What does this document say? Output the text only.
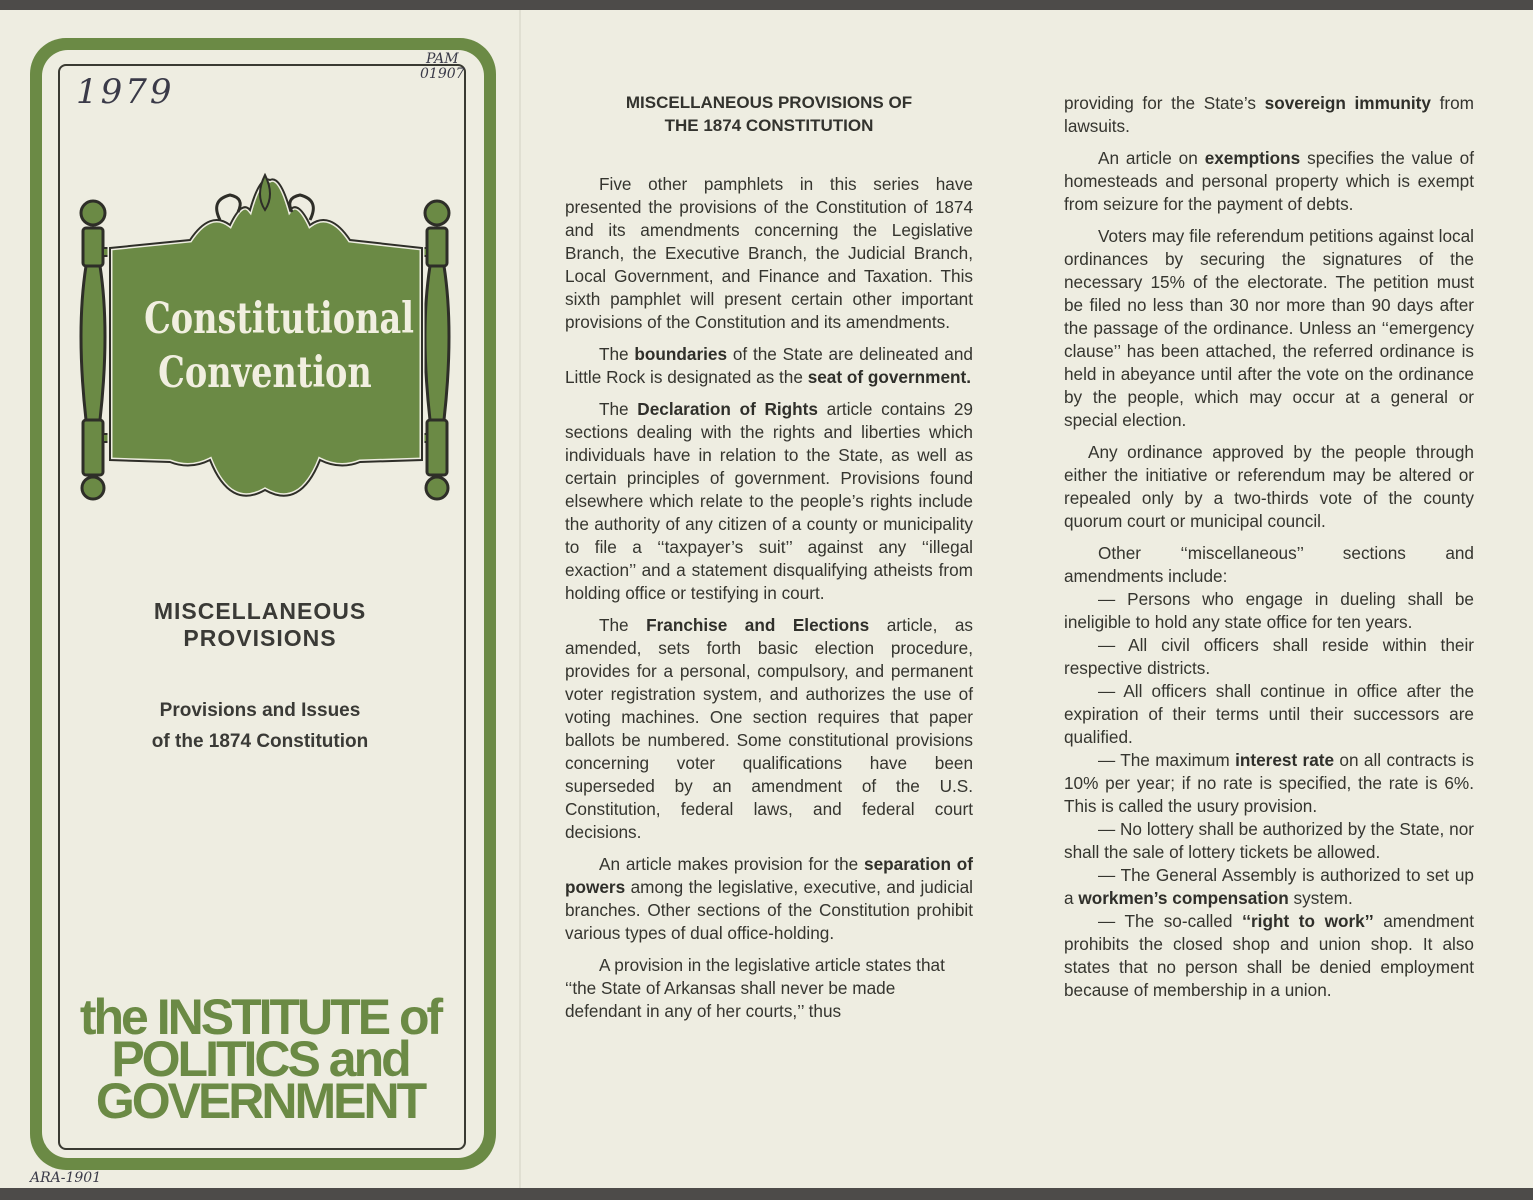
1979
PAM
01907
Constitutional
Convention
MISCELLANEOUS
PROVISIONS
Provisions and Issues
of the 1874 Constitution
the INSTITUTE of
POLITICS and
GOVERNMENT
ARA-1901
MISCELLANEOUS PROVISIONS OF
THE 1874 CONSTITUTION

Five other pamphlets in this series have presented the provisions of the Constitution of 1874 and its amendments concerning the Legislative Branch, the Executive Branch, the Judicial Branch, Local Government, and Finance and Taxation. This sixth pamphlet will present certain other important provisions of the Constitution and its amendments.

The boundaries of the State are delineated and Little Rock is designated as the seat of government.

The Declaration of Rights article contains 29 sections dealing with the rights and liberties which individuals have in relation to the State, as well as certain principles of government. Provisions found elsewhere which relate to the people’s rights include the authority of any citizen of a county or municipality to file a ‘‘taxpayer’s suit’’ against any ‘‘illegal exaction’’ and a statement disqualifying atheists from holding office or testifying in court.

The Franchise and Elections article, as amended, sets forth basic election procedure, provides for a personal, compulsory, and permanent voter registration system, and authorizes the use of voting machines. One section requires that paper ballots be numbered. Some constitutional provisions concerning voter qualifications have been superseded by an amendment of the U.S. Constitution, federal laws, and federal court decisions.

An article makes provision for the separation of powers among the legislative, executive, and judicial branches. Other sections of the Constitution prohibit various types of dual office-holding.

A provision in the legislative article states that ‘‘the State of Arkansas shall never be made defendant in any of her courts,’’ thus

providing for the State’s sovereign immunity from lawsuits.

An article on exemptions specifies the value of homesteads and personal property which is exempt from seizure for the payment of debts.

Voters may file referendum petitions against local ordinances by securing the signatures of the necessary 15% of the electorate. The petition must be filed no less than 30 nor more than 90 days after the passage of the ordinance. Unless an ‘‘emergency clause’’ has been attached, the referred ordinance is held in abeyance until after the vote on the ordinance by the people, which may occur at a general or special election.

Any ordinance approved by the people through either the initiative or referendum may be altered or repealed only by a two-thirds vote of the county quorum court or municipal council.

Other ‘‘miscellaneous’’ sections and amendments include:

— Persons who engage in dueling shall be ineligible to hold any state office for ten years.

— All civil officers shall reside within their respective districts.

— All officers shall continue in office after the expiration of their terms until their successors are qualified.

— The maximum interest rate on all contracts is 10% per year; if no rate is specified, the rate is 6%. This is called the usury provision.

— No lottery shall be authorized by the State, nor shall the sale of lottery tickets be allowed.

— The General Assembly is authorized to set up a workmen’s compensation system.

— The so-called ‘‘right to work’’ amendment prohibits the closed shop and union shop. It also states that no person shall be denied employment because of membership in a union.
